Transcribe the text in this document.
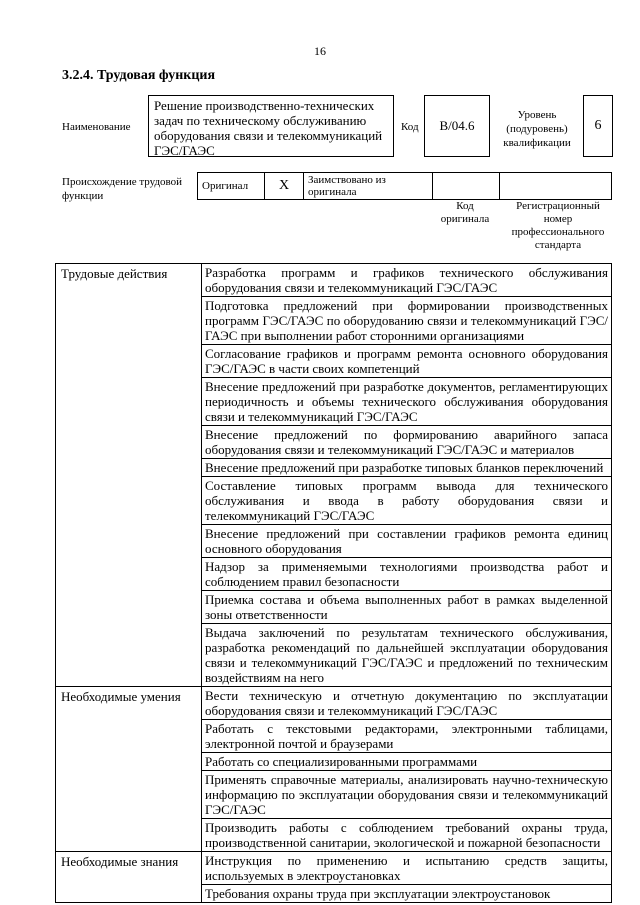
16
3.2.4. Трудовая функция
Наименование
Решение производственно-технических задач по техническому обслуживанию оборудования связи и телекоммуникаций ГЭС/ГАЭС
Код	B/04.6
Уровень (подуровень) квалификации
6
Происхождение трудовой функции
Оригинал	X	Заимствовано из оригинала		
Код оригинала
Регистрационный номер профессионального стандарта
Трудовые действия	Разработка программ и графиков технического обслуживания оборудования связи и телекоммуникаций ГЭС/ГАЭС
	Подготовка предложений при формировании производственных программ ГЭС/ГАЭС по оборудованию связи и телекоммуникаций ГЭС/ГАЭС при выполнении работ сторонними организациями
	Согласование графиков и программ ремонта основного оборудования ГЭС/ГАЭС в части своих компетенций
	Внесение предложений при разработке документов, регламентирующих периодичность и объемы технического обслуживания оборудования связи и телекоммуникаций ГЭС/ГАЭС
	Внесение предложений по формированию аварийного запаса оборудования связи и телекоммуникаций ГЭС/ГАЭС и материалов
	Внесение предложений при разработке типовых бланков переключений
	Составление типовых программ вывода для технического обслуживания и ввода в работу оборудования связи и телекоммуникаций ГЭС/ГАЭС
	Внесение предложений при составлении графиков ремонта единиц основного оборудования
	Надзор за применяемыми технологиями производства работ и соблюдением правил безопасности
	Приемка состава и объема выполненных работ в рамках выделенной зоны ответственности
	Выдача заключений по результатам технического обслуживания, разработка рекомендаций по дальнейшей эксплуатации оборудования связи и телекоммуникаций ГЭС/ГАЭС и предложений по техническим воздействиям на него
Необходимые умения	Вести техническую и отчетную документацию по эксплуатации оборудования связи и телекоммуникаций ГЭС/ГАЭС
	Работать с текстовыми редакторами, электронными таблицами, электронной почтой и браузерами
	Работать со специализированными программами
	Применять справочные материалы, анализировать научно-техническую информацию по эксплуатации оборудования связи и телекоммуникаций ГЭС/ГАЭС
	Производить работы с соблюдением требований охраны труда, производственной санитарии, экологической и пожарной безопасности
Необходимые знания	Инструкция по применению и испытанию средств защиты, используемых в электроустановках
	Требования охраны труда при эксплуатации электроустановок
